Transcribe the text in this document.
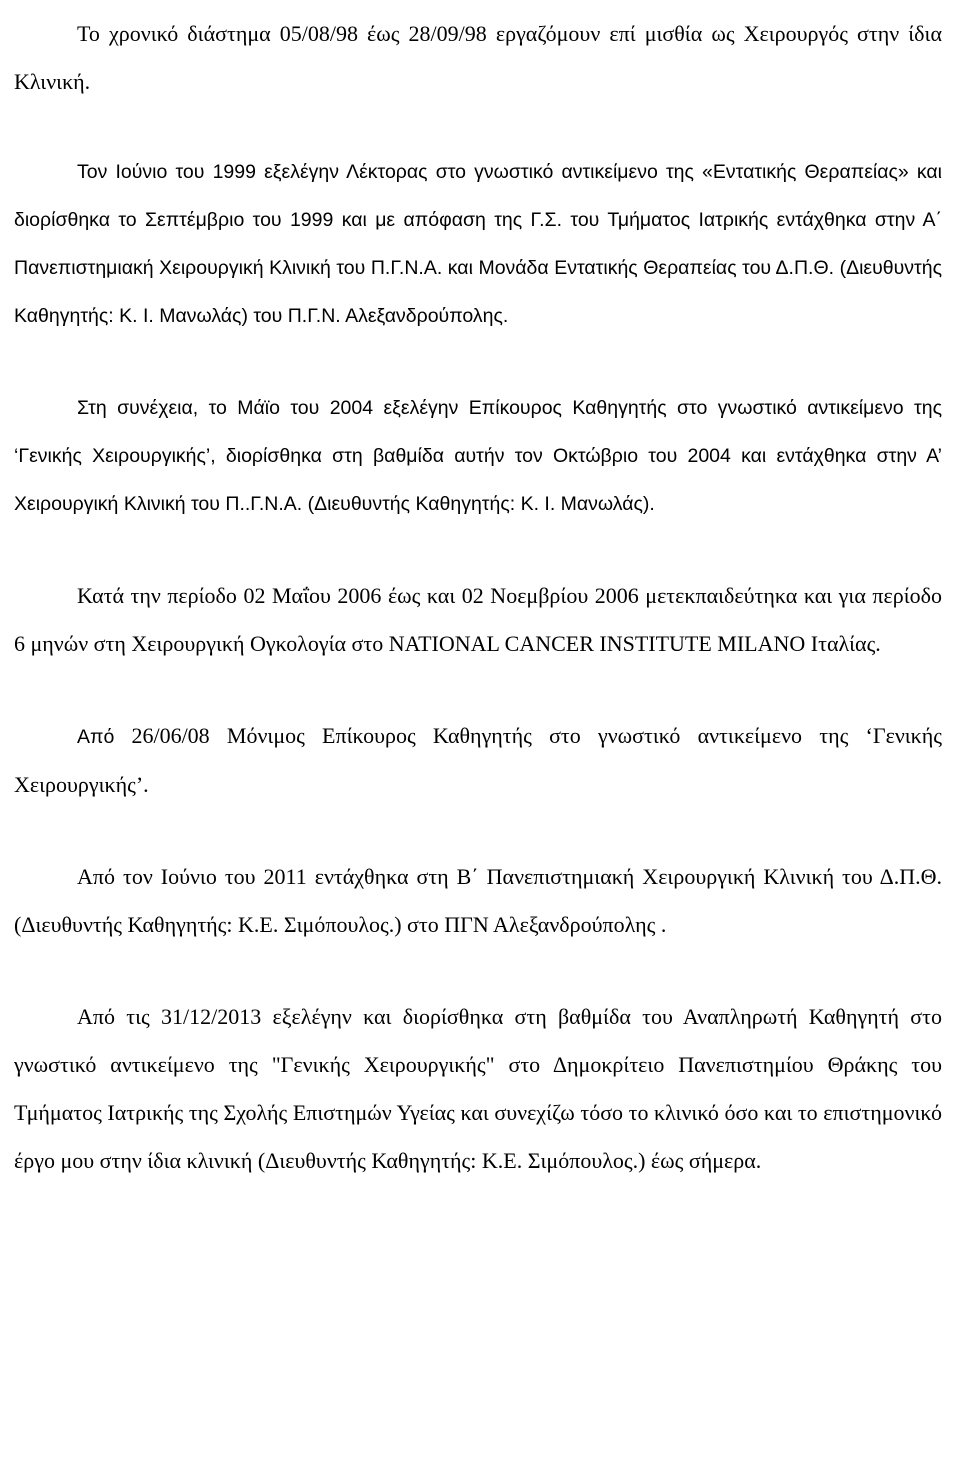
Το χρονικό διάστημα 05/08/98 έως 28/09/98 εργαζόμουν επί μισθία ως Χειρουργός στην ίδια Κλινική.

Τον Ιούνιο του 1999 εξελέγην Λέκτορας στο γνωστικό αντικείμενο της «Εντατικής Θεραπείας» και διορίσθηκα το Σεπτέμβριο του 1999 και με απόφαση της Γ.Σ. του Τμήματος Ιατρικής εντάχθηκα στην Α΄ Πανεπιστημιακή Χειρουργική Κλινική του Π.Γ.Ν.Α. και Μονάδα Εντατικής Θεραπείας του Δ.Π.Θ. (Διευθυντής Καθηγητής: Κ. Ι. Μανωλάς) του Π.Γ.Ν. Αλεξανδρούπολης.

Στη συνέχεια, το Μάϊο του 2004 εξελέγην Επίκουρος Καθηγητής στο γνωστικό αντικείμενο της ‘Γενικής Χειρουργικής’, διορίσθηκα στη βαθμίδα αυτήν τον Οκτώβριο του 2004 και εντάχθηκα στην Α’ Χειρουργική Κλινική του Π..Γ.Ν.Α. (Διευθυντής Καθηγητής: Κ. Ι. Μανωλάς).

Κατά την περίοδο 02 Μαΐου 2006 έως και 02 Νοεμβρίου 2006 μετεκπαιδεύτηκα και για περίοδο 6 μηνών στη Χειρουργική Ογκολογία στο NATIONAL CANCER INSTITUTE MILANO Ιταλίας.

Από 26/06/08 Μόνιμος Επίκουρος Καθηγητής στο γνωστικό αντικείμενο της ‘Γενικής Χειρουργικής’.

Από τον Ιούνιο του 2011 εντάχθηκα στη Β΄ Πανεπιστημιακή Χειρουργική Κλινική του Δ.Π.Θ. (Διευθυντής Καθηγητής: Κ.Ε. Σιμόπουλος.) στο ΠΓΝ Αλεξανδρούπολης .

Από τις 31/12/2013 εξελέγην και διορίσθηκα στη βαθμίδα του Αναπληρωτή Καθηγητή στο γνωστικό αντικείμενο της "Γενικής Χειρουργικής" στο Δημοκρίτειο Πανεπιστημίου Θράκης του Τμήματος Ιατρικής της Σχολής Επιστημών Υγείας και συνεχίζω τόσο το κλινικό όσο και το επιστημονικό έργο μου στην ίδια κλινική (Διευθυντής Καθηγητής: Κ.Ε. Σιμόπουλος.) έως σήμερα.
